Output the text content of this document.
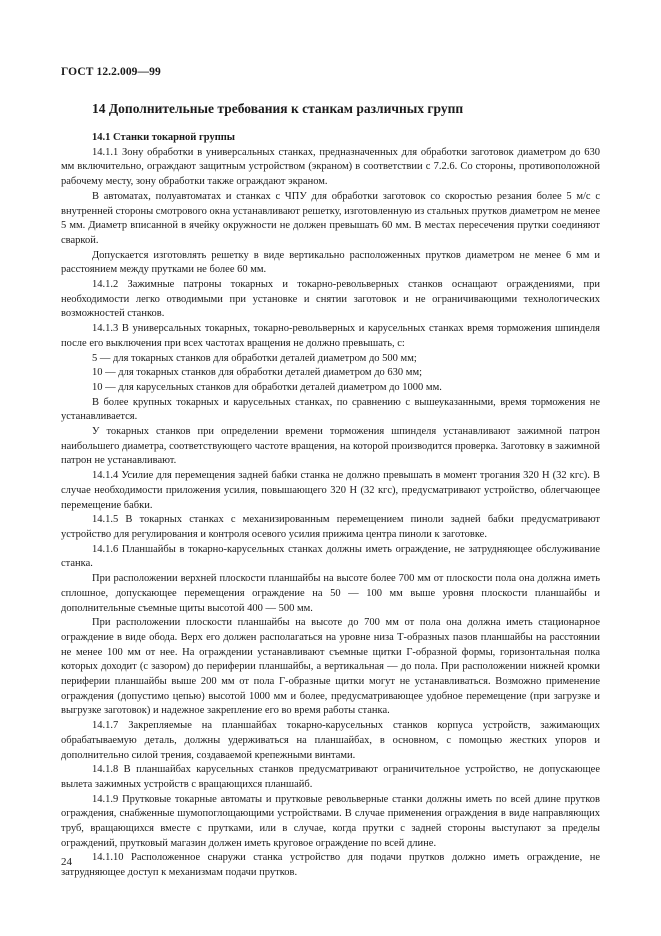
ГОСТ 12.2.009—99
14 Дополнительные требования к станкам различных групп

14.1 Станки токарной группы

14.1.1 Зону обработки в универсальных станках, предназначенных для обработки заготовок диаметром до 630 мм включительно, ограждают защитным устройством (экраном) в соответствии с 7.2.6. Со стороны, противоположной рабочему месту, зону обработки также ограждают экраном.

В автоматах, полуавтоматах и станках с ЧПУ для обработки заготовок со скоростью резания более 5 м/с с внутренней стороны смотрового окна устанавливают решетку, изготовленную из стальных прутков диаметром не менее 5 мм. Диаметр вписанной в ячейку окружности не должен превышать 60 мм. В местах пересечения прутки соединяют сваркой.

Допускается изготовлять решетку в виде вертикально расположенных прутков диаметром не менее 6 мм и расстоянием между прутками не более 60 мм.

14.1.2 Зажимные патроны токарных и токарно-револьверных станков оснащают ограждениями, при необходимости легко отводимыми при установке и снятии заготовок и не ограничивающими технологических возможностей станков.

14.1.3 В универсальных токарных, токарно-револьверных и карусельных станках время торможения шпинделя после его выключения при всех частотах вращения не должно превышать, с:

5 — для токарных станков для обработки деталей диаметром до 500 мм;

10 — для токарных станков для обработки деталей диаметром до 630 мм;

10 — для карусельных станков для обработки деталей диаметром до 1000 мм.

В более крупных токарных и карусельных станках, по сравнению с вышеуказанными, время торможения не устанавливается.

У токарных станков при определении времени торможения шпинделя устанавливают зажимной патрон наибольшего диаметра, соответствующего частоте вращения, на которой производится проверка. Заготовку в зажимной патрон не устанавливают.

14.1.4 Усилие для перемещения задней бабки станка не должно превышать в момент трогания 320 Н (32 кгс). В случае необходимости приложения усилия, повышающего 320 Н (32 кгс), предусматривают устройство, облегчающее перемещение бабки.

14.1.5 В токарных станках с механизированным перемещением пиноли задней бабки предусматривают устройство для регулирования и контроля осевого усилия прижима центра пиноли к заготовке.

14.1.6 Планшайбы в токарно-карусельных станках должны иметь ограждение, не затрудняющее обслуживание станка.

При расположении верхней плоскости планшайбы на высоте более 700 мм от плоскости пола она должна иметь сплошное, допускающее перемещения ограждение на 50 — 100 мм выше уровня плоскости планшайбы и дополнительные съемные щиты высотой 400 — 500 мм.

При расположении плоскости планшайбы на высоте до 700 мм от пола она должна иметь стационарное ограждение в виде обода. Верх его должен располагаться на уровне низа Т-образных пазов планшайбы на расстоянии не менее 100 мм от нее. На ограждении устанавливают съемные щитки Г-образной формы, горизонтальная полка которых доходит (с зазором) до периферии планшайбы, а вертикальная — до пола. При расположении нижней кромки периферии планшайбы выше 200 мм от пола Г-образные щитки могут не устанавливаться. Возможно применение ограждения (допустимо цепью) высотой 1000 мм и более, предусматривающее удобное перемещение (при загрузке и выгрузке заготовок) и надежное закрепление его во время работы станка.

14.1.7 Закрепляемые на планшайбах токарно-карусельных станков корпуса устройств, зажимающих обрабатываемую деталь, должны удерживаться на планшайбах, в основном, с помощью жестких упоров и дополнительно силой трения, создаваемой крепежными винтами.

14.1.8 В планшайбах карусельных станков предусматривают ограничительное устройство, не допускающее вылета зажимных устройств с вращающихся планшайб.

14.1.9 Прутковые токарные автоматы и прутковые револьверные станки должны иметь по всей длине прутков ограждения, снабженные шумопоглощающими устройствами. В случае применения ограждения в виде направляющих труб, вращающихся вместе с прутками, или в случае, когда прутки с задней стороны выступают за пределы ограждений, прутковый магазин должен иметь круговое ограждение по всей длине.

14.1.10 Расположенное снаружи станка устройство для подачи прутков должно иметь ограждение, не затрудняющее доступ к механизмам подачи прутков.

24
